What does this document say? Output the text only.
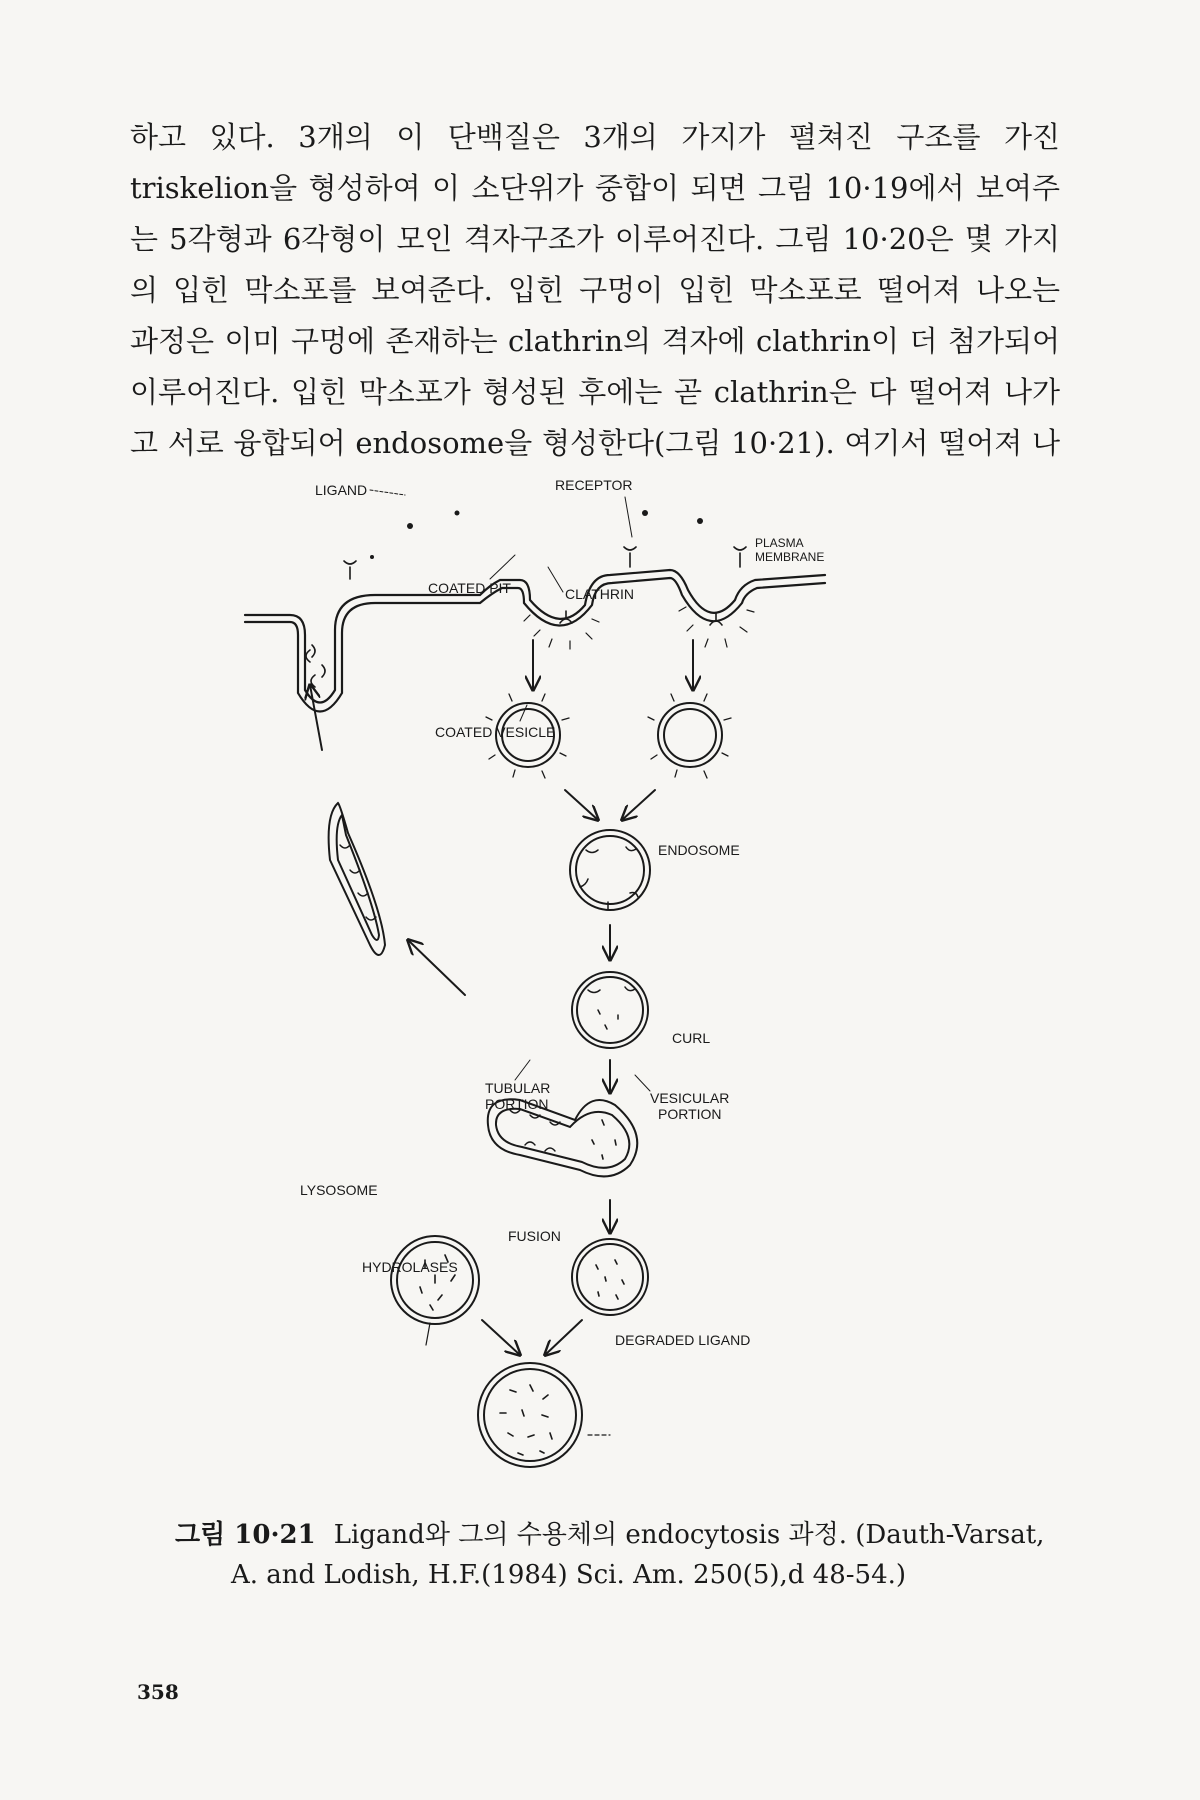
하고 있다. 3개의 이 단백질은 3개의 가지가 펼쳐진 구조를 가진
triskelion을 형성하여 이 소단위가 중합이 되면 그림 10·19에서 보여주
는 5각형과 6각형이 모인 격자구조가 이루어진다. 그림 10·20은 몇 가지
의 입힌 막소포를 보여준다. 입힌 구멍이 입힌 막소포로 떨어져 나오는
과정은 이미 구멍에 존재하는 clathrin의 격자에 clathrin이 더 첨가되어
이루어진다. 입힌 막소포가 형성된 후에는 곧 clathrin은 다 떨어져 나가
고 서로 융합되어 endosome을 형성한다(그림 10·21). 여기서 떨어져 나
LIGAND	RECEPTOR
PLASMA
MEMBRANE
COATED PIT	CLATHRIN
COATED VESICLE
ENDOSOME
CURL
TUBULAR
PORTION	VESICULAR
PORTION
LYSOSOME
HYDROLASES
FUSION
DEGRADED LIGAND
그림 10·21 Ligand와 그의 수용체의 endocytosis 과정. (Dauth-Varsat,
A. and Lodish, H.F.(1984) Sci. Am. 250(5),d 48-54.)
358
